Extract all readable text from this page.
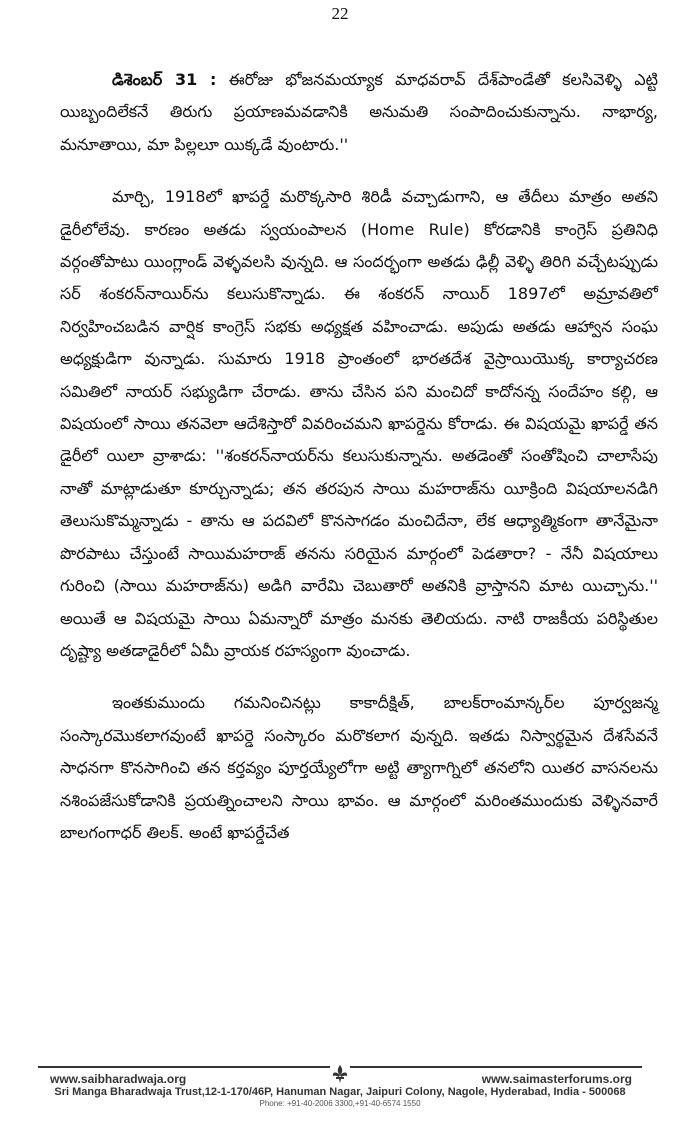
22

డిశెంబర్ 31 : ఈరోజు భోజనమయ్యాక మాధవరావ్ దేశ్‌పాండేతో కలసివెళ్ళి ఎట్టి యిబ్బందిలేకనే తిరుగు ప్రయాణమవడానికి అనుమతి సంపాదించుకున్నాను. నాభార్య, మనూతాయి, మా పిల్లలూ యిక్కడే వుంటారు.''

మార్చి, 1918లో ఖాపర్డే మరొక్కసారి శిరిడీ వచ్చాడుగాని, ఆ తేదీలు మాత్రం అతని డైరీలోలేవు. కారణం అతడు స్వయంపాలన (Home Rule) కోరడానికి కాంగ్రెస్ ప్రతినిధి వర్గంతోపాటు యింగ్లాండ్ వెళ్ళవలసి వున్నది. ఆ సందర్భంగా అతడు ఢిల్లీ వెళ్ళి తిరిగి వచ్చేటప్పుడు సర్ శంకరన్‌నాయిర్‌ను కలుసుకొన్నాడు. ఈ శంకరన్ నాయిర్ 1897లో అమ్రావతిలో నిర్వహించబడిన వార్షిక కాంగ్రెస్ సభకు అధ్యక్షత వహించాడు. అపుడు అతడు ఆహ్వాన సంఘ అధ్యక్షుడిగా వున్నాడు. సుమారు 1918 ప్రాంతంలో భారతదేశ వైస్రాయియొక్క కార్యాచరణ సమితిలో నాయర్ సభ్యుడిగా చేరాడు. తాను చేసిన పని మంచిదో కాదోనన్న సందేహం కల్గి, ఆ విషయంలో సాయి తనవెలా ఆదేశిస్తారో వివరించమని ఖాపర్డెను కోరాడు. ఈ విషయమై ఖాపర్డే తన డైరీలో యిలా వ్రాశాడు: ''శంకరన్‌నాయర్‌ను కలుసుకున్నాను. అతడెంతో సంతోషించి చాలాసేపు నాతో మాట్లాడుతూ కూర్చున్నాడు; తన తరపున సాయి మహరాజ్‌ను యీక్రింది విషయాలనడిగి తెలుసుకొమ్మన్నాడు - తాను ఆ పదవిలో కొనసాగడం మంచిదేనా, లేక ఆధ్యాత్మికంగా తానేమైనా పొరపాటు చేస్తుంటే సాయిమహరాజ్ తనను సరియైన మార్గంలో పెడతారా? - నేనీ విషయాలు గురించి (సాయి మహరాజ్‌ను) అడిగి వారేమి చెబుతారో అతనికి వ్రాస్తానని మాట యిచ్చాను.'' అయితే ఆ విషయమై సాయి ఏమన్నారో మాత్రం మనకు తెలియదు. నాటి రాజకీయ పరిస్థితుల దృష్ట్యా అతడాడైరీలో ఏమీ వ్రాయక రహస్యంగా వుంచాడు.

ఇంతకుముందు గమనించినట్లు కాకాదీక్షిత్, బాలక్‌రాంమాన్కర్‌ల పూర్వజన్మ సంస్కారమొకలాగవుంటే ఖాపర్డె సంస్కారం మరొకలాగ వున్నది. ఇతడు నిస్వార్థమైన దేశసేవనే సాధనగా కొనసాగించి తన కర్తవ్యం పూర్తయ్యేలోగా అట్టి త్యాగాగ్నిలో తనలోని యితర వాసనలను నశింపజేసుకోడానికి ప్రయత్నించాలని సాయి భావం. ఆ మార్గంలో మరింతముందుకు వెళ్ళినవారే బాలగంగాధర్ తిలక్. అంటే ఖాపర్డేచేత

www.saibharadwaja.org	www.saimasterforums.org
Sri Manga Bharadwaja Trust,12-1-170/46P, Hanuman Nagar, Jaipuri Colony, Nagole, Hyderabad, India - 500068
Phone: +91-40-2006 3300,+91-40-6574 1550
